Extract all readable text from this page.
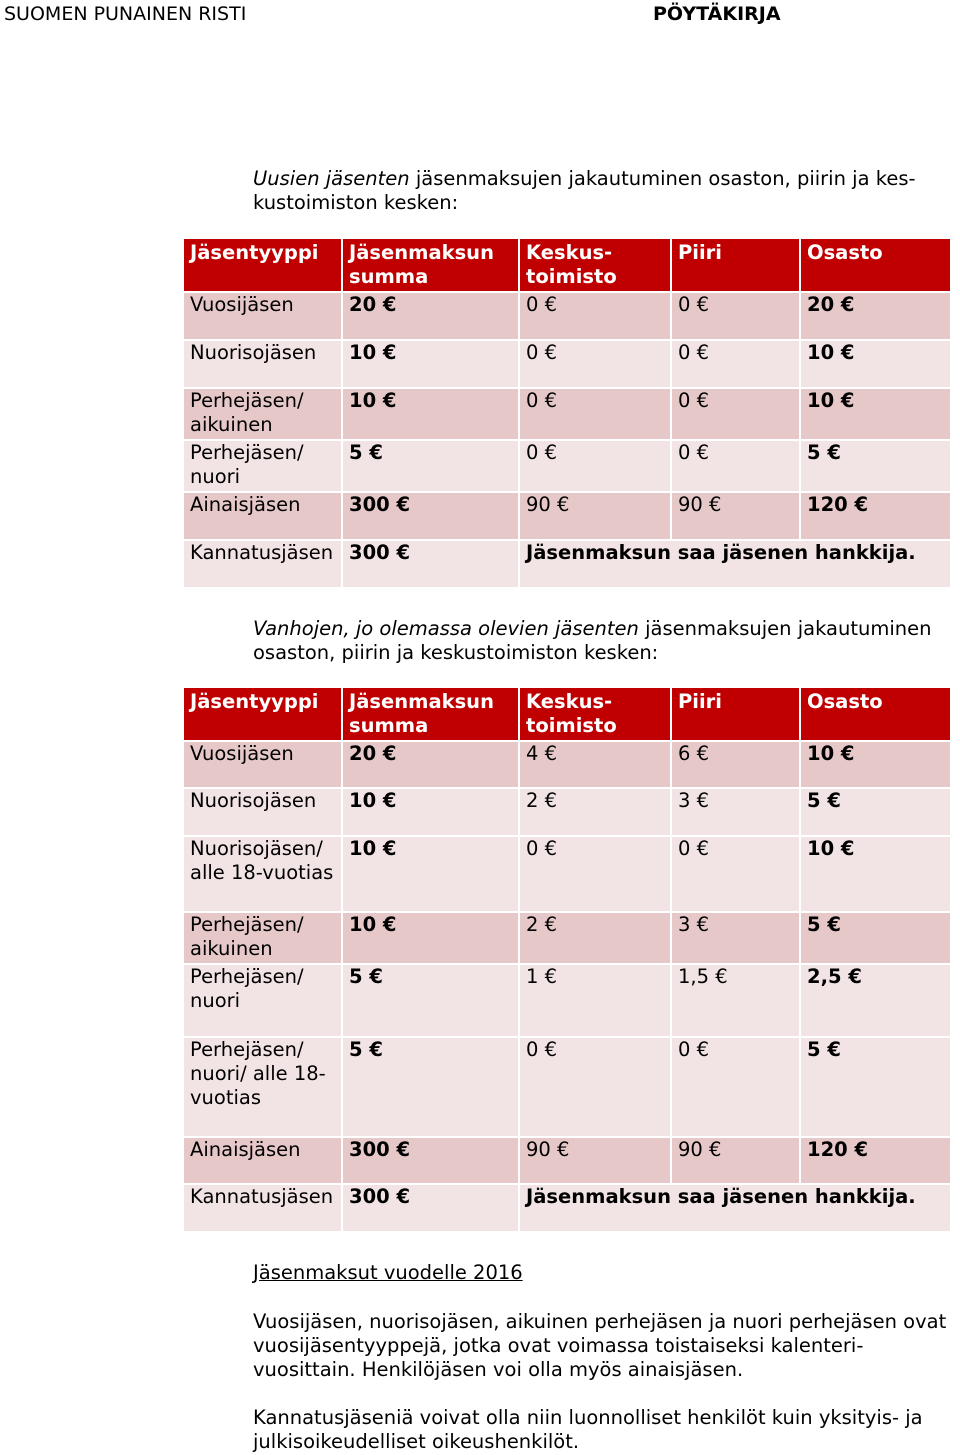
SUOMEN PUNAINEN RISTI	PÖYTÄKIRJA
Uusien jäsenten jäsenmaksujen jakautuminen osaston, piirin ja kes-kustoimiston kesken:
Jäsentyyppi	Jäsenmaksun summa	Keskus-toimisto	Piiri	Osasto
Vuosijäsen	20 €	0 €	0 €	20 €
Nuorisojäsen	10 €	0 €	0 €	10 €
Perhejäsen/ aikuinen	10 €	0 €	0 €	10 €
Perhejäsen/ nuori	5 €	0 €	0 €	5 €
Ainaisjäsen	300 €	90 €	90 €	120 €
Kannatusjäsen	300 €	Jäsenmaksun saa jäsenen hankkija.		
Vanhojen, jo olemassa olevien jäsenten jäsenmaksujen jakautuminen osaston, piirin ja keskustoimiston kesken:
Jäsentyyppi	Jäsenmaksun summa	Keskus-toimisto	Piiri	Osasto
Vuosijäsen	20 €	4 €	6 €	10 €
Nuorisojäsen	10 €	2 €	3 €	5 €
Nuorisojäsen/ alle 18-vuotias	10 €	0 €	0 €	10 €
Perhejäsen/ aikuinen	10 €	2 €	3 €	5 €
Perhejäsen/ nuori	5 €	1 €	1,5 €	2,5 €
Perhejäsen/ nuori/ alle 18-vuotias	5 €	0 €	0 €	5 €
Ainaisjäsen	300 €	90 €	90 €	120 €
Kannatusjäsen	300 €	Jäsenmaksun saa jäsenen hankkija.		
Jäsenmaksut vuodelle 2016
Vuosijäsen, nuorisojäsen, aikuinen perhejäsen ja nuori perhejäsen ovat vuosijäsentyyppejä, jotka ovat voimassa toistaiseksi kalenteri-vuosittain. Henkilöjäsen voi olla myös ainaisjäsen.
Kannatusjäseniä voivat olla niin luonnolliset henkilöt kuin yksityis- ja julkisoikeudelliset oikeushenkilöt.
